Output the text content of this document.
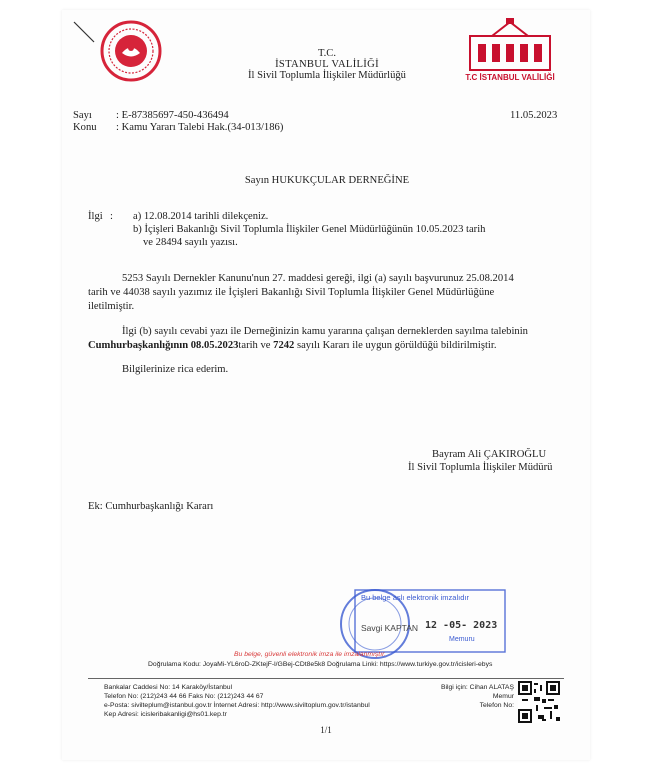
T.C.
İSTANBUL VALİLİĞİ
İl Sivil Toplumla İlişkiler Müdürlüğü	T.C İSTANBUL VALİLİĞİ
Sayı : E-87385697-450-436494
Konu : Kamu Yararı Talebi Hak.(34-013/186)
11.05.2023
Sayın HUKUKÇULAR DERNEĞİNE
İlgi : a) 12.08.2014 tarihli dilekçeniz.
b) İçişleri Bakanlığı Sivil Toplumla İlişkiler Genel Müdürlüğünün 10.05.2023 tarih
ve 28494 sayılı yazısı.
5253 Sayılı Dernekler Kanunu'nun 27. maddesi gereği, ilgi (a) sayılı başvurunuz 25.08.2014
tarih ve 44038 sayılı yazımız ile İçişleri Bakanlığı Sivil Toplumla İlişkiler Genel Müdürlüğüne
iletilmiştir.
İlgi (b) sayılı cevabi yazı ile Derneğinizin kamu yararına çalışan derneklerden sayılma talebinin
Cumhurbaşkanlığının 08.05.2023tarih ve 7242 sayılı Kararı ile uygun görüldüğü bildirilmiştir.
Bilgilerinize rica ederim.
Bayram Ali ÇAKIROĞLU
İl Sivil Toplumla İlişkiler Müdürü
Ek: Cumhurbaşkanlığı Kararı
Bu belge aslı elektronik imzalıdır
Savgi KAPTAN 12 -05- 2023
Memuru
Bu belge, güvenli elektronik imza ile imzalanmıştır.
Doğrulama Kodu: JoyaMi-YL6roD-ZKtejF-l/GBej-CDt8e5k8 Doğrulama Linki: https://www.turkiye.gov.tr/icisleri-ebys
Bankalar Caddesi No: 14 Karaköy/İstanbul
Telefon No: (212)243 44 66 Faks No: (212)243 44 67
e-Posta: sivilteplum@istanbul.gov.tr İnternet Adresi: http://www.siviltoplum.gov.tr/istanbul
Kep Adresi: icisleribakanligi@hs01.kep.tr
Bilgi için: Cihan ALATAŞ
Memur
Telefon No:
1/1
